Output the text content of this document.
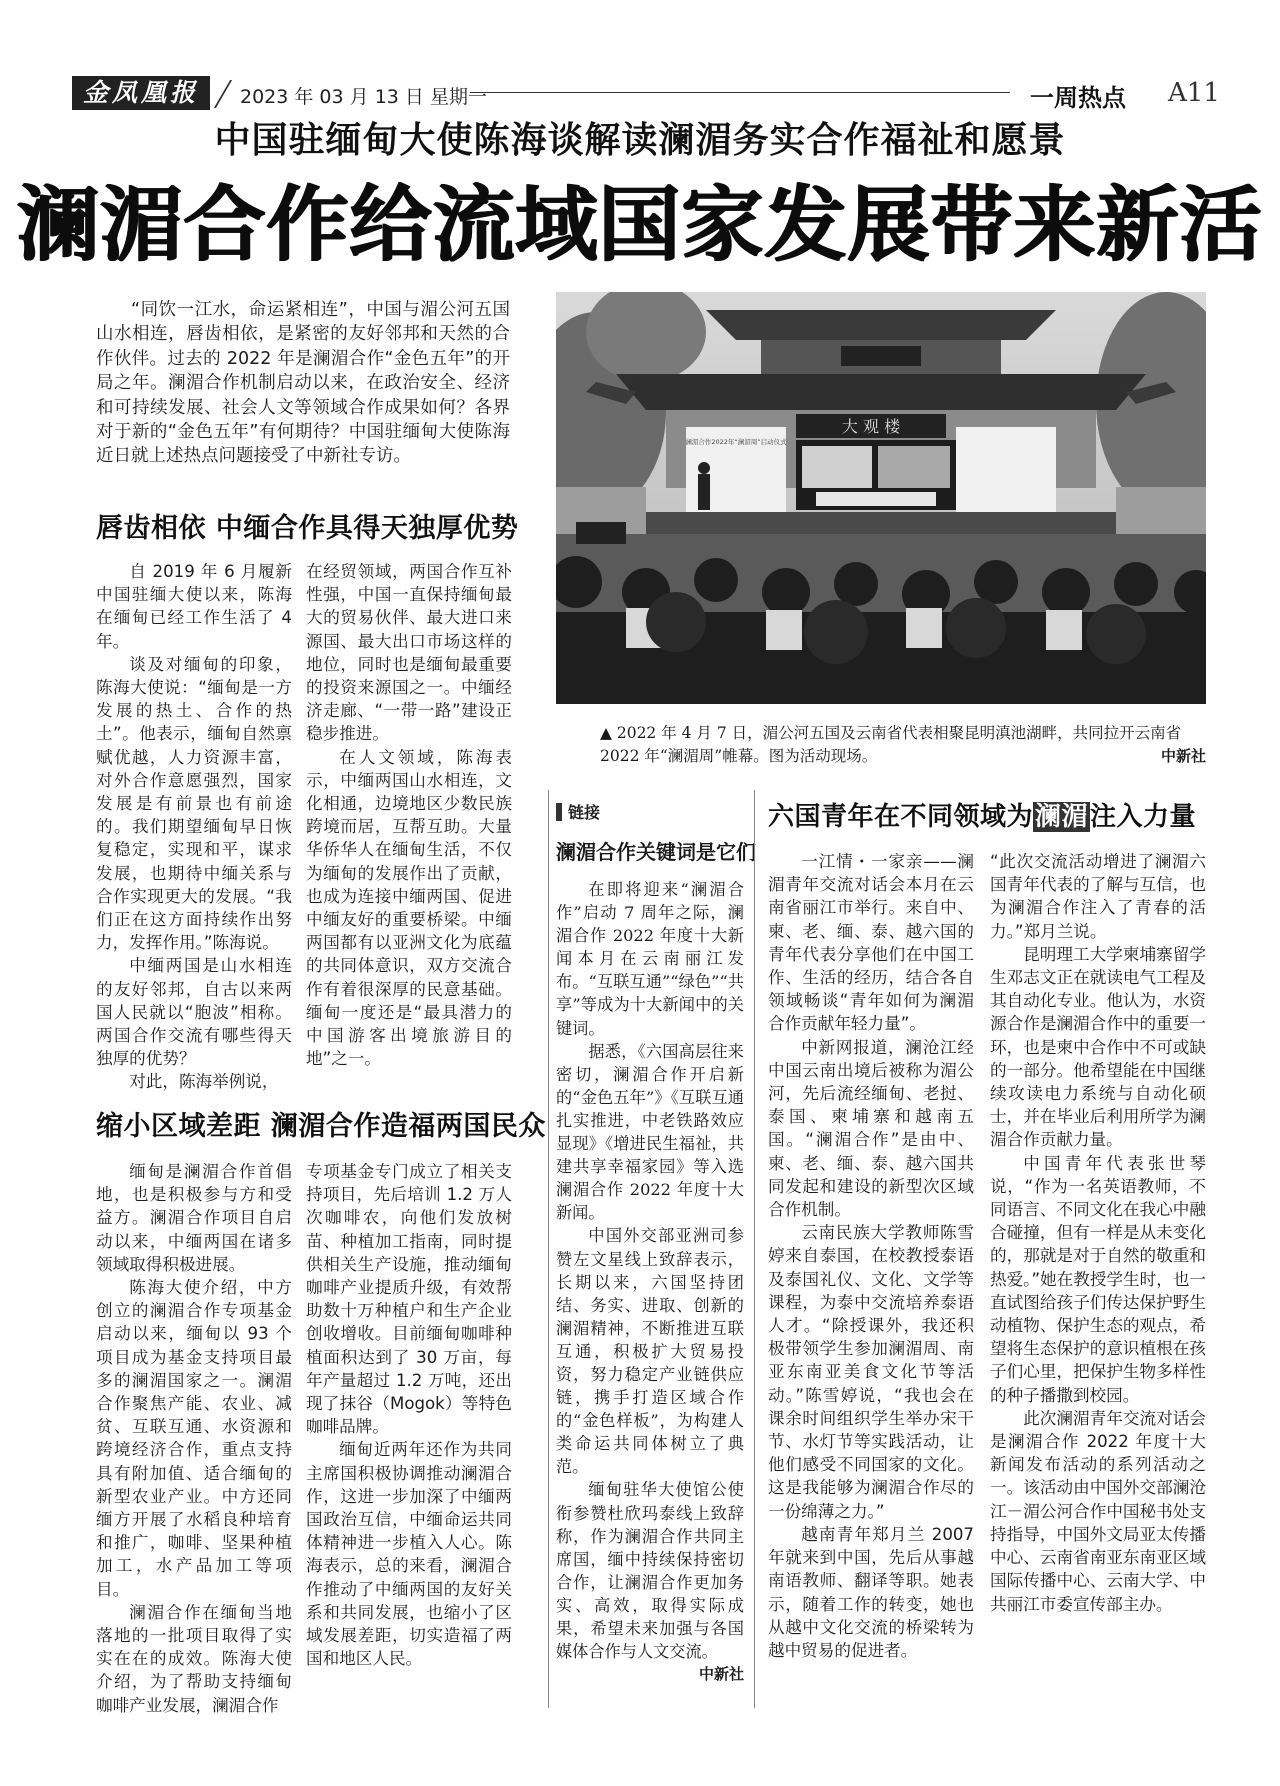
金凤凰报	2023 年 03 月 13 日 星期一	一周热点 A11
中国驻缅甸大使陈海谈解读澜湄务实合作福祉和愿景
澜湄合作给流域国家发展带来新活

“同饮一江水，命运紧相连”，中国与湄公河五国山水相连，唇齿相依，是紧密的友好邻邦和天然的合作伙伴。过去的 2022 年是澜湄合作“金色五年”的开局之年。澜湄合作机制启动以来，在政治安全、经济和可持续发展、社会人文等领域合作成果如何？各界对于新的“金色五年”有何期待？中国驻缅甸大使陈海近日就上述热点问题接受了中新社专访。

唇齿相依 中缅合作具得天独厚优势

自 2019 年 6 月履新中国驻缅大使以来，陈海在缅甸已经工作生活了 4 年。

谈及对缅甸的印象，陈海大使说：“缅甸是一方发展的热土、合作的热土”。他表示，缅甸自然禀赋优越，人力资源丰富，对外合作意愿强烈，国家发展是有前景也有前途的。我们期望缅甸早日恢复稳定，实现和平，谋求发展，也期待中缅关系与合作实现更大的发展。“我们正在这方面持续作出努力，发挥作用。”陈海说。

中缅两国是山水相连的友好邻邦，自古以来两国人民就以“胞波”相称。两国合作交流有哪些得天独厚的优势？

对此，陈海举例说，

在经贸领域，两国合作互补性强，中国一直保持缅甸最大的贸易伙伴、最大进口来源国、最大出口市场这样的地位，同时也是缅甸最重要的投资来源国之一。中缅经济走廊、“一带一路”建设正稳步推进。

在人文领域，陈海表示，中缅两国山水相连，文化相通，边境地区少数民族跨境而居，互帮互助。大量华侨华人在缅甸生活，不仅为缅甸的发展作出了贡献，也成为连接中缅两国、促进中缅友好的重要桥梁。中缅两国都有以亚洲文化为底蕴的共同体意识，双方交流合作有着很深厚的民意基础。缅甸一度还是“最具潜力的中国游客出境旅游目的地”之一。

缩小区域差距 澜湄合作造福两国民众

缅甸是澜湄合作首倡地，也是积极参与方和受益方。澜湄合作项目自启动以来，中缅两国在诸多领域取得积极进展。

陈海大使介绍，中方创立的澜湄合作专项基金启动以来，缅甸以 93 个项目成为基金支持项目最多的澜湄国家之一。澜湄合作聚焦产能、农业、减贫、互联互通、水资源和跨境经济合作，重点支持具有附加值、适合缅甸的新型农业产业。中方还同缅方开展了水稻良种培育和推广，咖啡、坚果种植加工，水产品加工等项目。

澜湄合作在缅甸当地落地的一批项目取得了实实在在的成效。陈海大使介绍，为了帮助支持缅甸咖啡产业发展，澜湄合作

专项基金专门成立了相关支持项目，先后培训 1.2 万人次咖啡农，向他们发放树苗、种植加工指南，同时提供相关生产设施，推动缅甸咖啡产业提质升级，有效帮助数十万种植户和生产企业创收增收。目前缅甸咖啡种植面积达到了 30 万亩，每年产量超过 1.2 万吨，还出现了抹谷（Mogok）等特色咖啡品牌。

缅甸近两年还作为共同主席国积极协调推动澜湄合作，这进一步加深了中缅两国政治互信，中缅命运共同体精神进一步植入人心。陈海表示，总的来看，澜湄合作推动了中缅两国的友好关系和共同发展，也缩小了区域发展差距，切实造福了两国和地区人民。

大 观 楼
澜湄合作2022年“澜湄周”启动仪式
▲ 2022 年 4 月 7 日，湄公河五国及云南省代表相聚昆明滇池湖畔，共同拉开云南省 2022 年“澜湄周”帷幕。图为活动现场。	中新社
链接
澜湄合作关键词是它们

在即将迎来“澜湄合作”启动 7 周年之际，澜湄合作 2022 年度十大新闻本月在云南丽江发布。“互联互通”“绿色”“共享”等成为十大新闻中的关键词。

据悉，《六国高层往来密切，澜湄合作开启新的“金色五年”》《互联互通扎实推进，中老铁路效应显现》《增进民生福祉，共建共享幸福家园》等入选澜湄合作 2022 年度十大新闻。

中国外交部亚洲司参赞左文星线上致辞表示，长期以来，六国坚持团结、务实、进取、创新的澜湄精神，不断推进互联互通，积极扩大贸易投资，努力稳定产业链供应链，携手打造区域合作的“金色样板”，为构建人类命运共同体树立了典范。

缅甸驻华大使馆公使衔参赞杜欣玛泰线上致辞称，作为澜湄合作共同主席国，缅中持续保持密切合作，让澜湄合作更加务实、高效，取得实际成果，希望未来加强与各国媒体合作与人文交流。

中新社
六国青年在不同领域为澜湄注入力量

一江情・一家亲——澜湄青年交流对话会本月在云南省丽江市举行。来自中、柬、老、缅、泰、越六国的青年代表分享他们在中国工作、生活的经历，结合各自领域畅谈“青年如何为澜湄合作贡献年轻力量”。

中新网报道，澜沧江经中国云南出境后被称为湄公河，先后流经缅甸、老挝、泰国、柬埔寨和越南五国。“澜湄合作”是由中、柬、老、缅、泰、越六国共同发起和建设的新型次区域合作机制。

云南民族大学教师陈雪婷来自泰国，在校教授泰语及泰国礼仪、文化、文学等课程，为泰中交流培养泰语人才。“除授课外，我还积极带领学生参加澜湄周、南亚东南亚美食文化节等活动。”陈雪婷说，“我也会在课余时间组织学生举办宋干节、水灯节等实践活动，让他们感受不同国家的文化。这是我能够为澜湄合作尽的一份绵薄之力。”

越南青年郑月兰 2007 年就来到中国，先后从事越南语教师、翻译等职。她表示，随着工作的转变，她也从越中文化交流的桥梁转为越中贸易的促进者。

“此次交流活动增进了澜湄六国青年代表的了解与互信，也为澜湄合作注入了青春的活力。”郑月兰说。

昆明理工大学柬埔寨留学生邓志文正在就读电气工程及其自动化专业。他认为，水资源合作是澜湄合作中的重要一环，也是柬中合作中不可或缺的一部分。他希望能在中国继续攻读电力系统与自动化硕士，并在毕业后利用所学为澜湄合作贡献力量。

中国青年代表张世琴说，“作为一名英语教师，不同语言、不同文化在我心中融合碰撞，但有一样是从未变化的，那就是对于自然的敬重和热爱。”她在教授学生时，也一直试图给孩子们传达保护野生动植物、保护生态的观点，希望将生态保护的意识植根在孩子们心里，把保护生物多样性的种子播撒到校园。

此次澜湄青年交流对话会是澜湄合作 2022 年度十大新闻发布活动的系列活动之一。该活动由中国外交部澜沧江－湄公河合作中国秘书处支持指导，中国外文局亚太传播中心、云南省南亚东南亚区域国际传播中心、云南大学、中共丽江市委宣传部主办。
